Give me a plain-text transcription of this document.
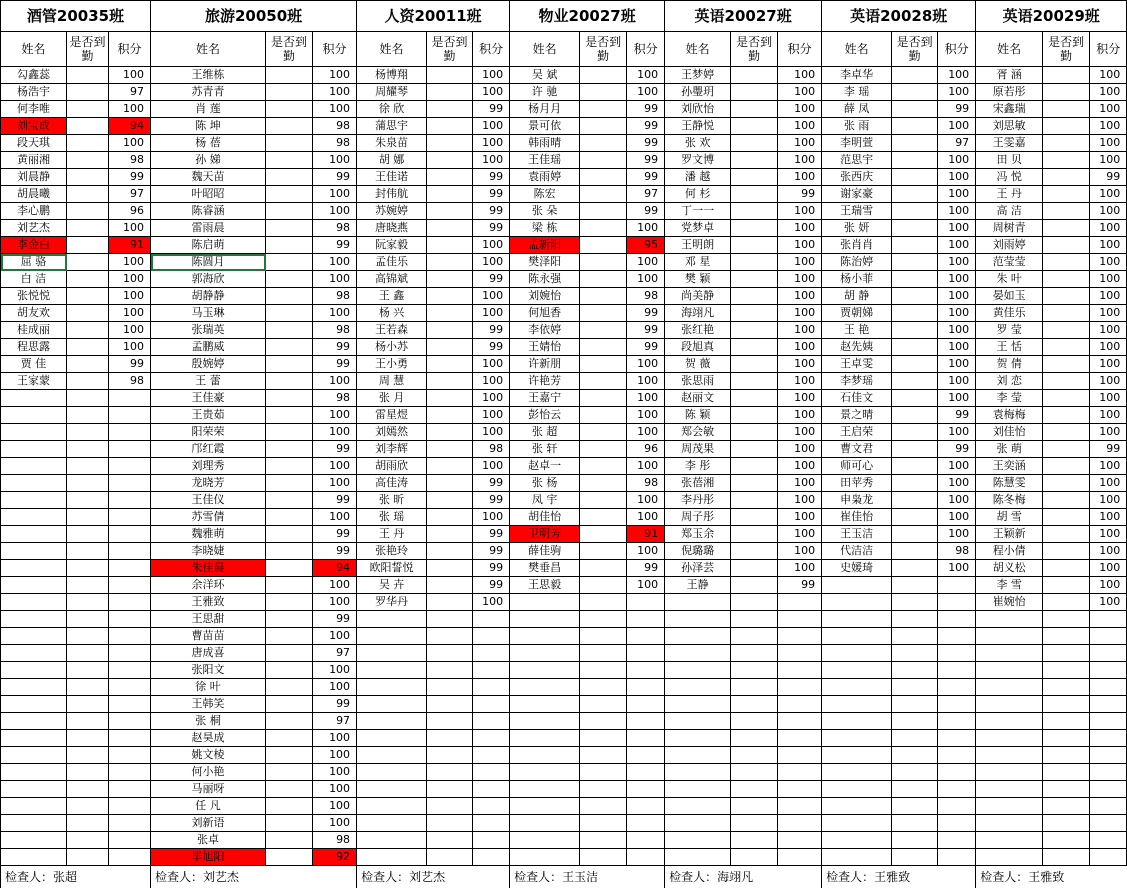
酒管20035班			旅游20050班			人资20011班			物业20027班			英语20027班			英语20028班			英语20029班		
姓名	是否到勤	积分	姓名	是否到勤	积分	姓名	是否到勤	积分	姓名	是否到勤	积分	姓名	是否到勤	积分	姓名	是否到勤	积分	姓名	是否到勤	积分
勾鑫蕊		100	王维栋		100	杨博翔		100	吴 斌		100	王梦婷		100	李卓华		100	胥 涵		100
杨浩宇		97	苏青青		100	周耀琴		100	许 驰		100	孙璺玥		100	李 瑶		100	原若彤		100
何李唯		100	肖 莲		100	徐 欣		99	杨月月		99	刘欣怡		100	薛 凤		99	宋鑫瑞		100
刘宝成		94	陈 坤		98	蒲思宇		100	景可依		99	王静悦		100	张 雨		100	刘思敏		100
段天琪		100	杨 蓓		98	朱泉苗		100	韩雨晴		99	张 欢		100	李明萱		97	王雯嘉		100
黄丽湘		98	孙 娣		100	胡 娜		100	王佳瑶		99	罗文博		100	范思宇		100	田 贝		100
刘晨静		99	魏天苗		99	王佳诺		99	袁雨婷		99	潘 越		100	张西庆		100	冯 悦		99
胡晨曦		97	叶昭昭		100	封伟航		99	陈宏		97	何 杉		99	谢家豪		100	王 丹		100
李心鹏		96	陈睿涵		100	苏婉婷		99	张 朵		99	丁一一		100	王瑞雪		100	高 洁		100
刘艺杰		100	雷雨晨		98	唐晓燕		99	梁 栋		100	党梦卓		100	张 妍		100	周树青		100
李金白		91	陈启萌		99	阮家毅		100	孟新阳		95	王明朗		100	张肖肖		100	刘雨婷		100
屈 骆		100	陈圆月		100	孟佳乐		100	樊泽阳		100	邓 星		100	陈治婷		100	范莹莹		100
白 洁		100	郭海欣		100	高锦斌		99	陈永强		100	樊 颖		100	杨小菲		100	朱 叶		100
张悦悦		100	胡静静		98	王 鑫		100	刘婉怡		98	尚美静		100	胡 静		100	晏如玉		100
胡友欢		100	马玉琳		100	杨 兴		100	何旭香		99	海翊凡		100	贾朝娣		100	黄佳乐		100
桂成丽		100	张瑞英		98	王若森		99	李依婷		99	张红艳		100	王 艳		100	罗 莹		100
程思露		100	孟鹏威		99	杨小苏		99	王婧怡		99	段旭真		100	赵先姨		100	王 恬		100
贾 佳		99	殷婉婷		99	王小勇		100	许新朋		100	贺 薇		100	王卓雯		100	贺 倩		100
王家蒙		98	王 蕾		100	周 慧		100	许艳芳		100	张思雨		100	李梦瑶		100	刘 恋		100
			王佳豪		98	张 月		100	王嘉宁		100	赵丽文		100	石佳文		100	李 莹		100
			王贵茹		100	雷星煜		100	彭怡云		100	陈 颖		100	景之晴		99	袁梅梅		100
			阳荣荣		100	刘嫣然		100	张 超		100	郑会敏		100	王启荣		100	刘佳怡		100
			邝红霞		99	刘李辉		98	张 轩		96	周茂果		100	曹文君		99	张 萌		99
			刘理秀		100	胡雨欣		100	赵卓一		100	李 彤		100	师可心		100	王奕涵		100
			龙晓芳		100	高佳涛		99	张 杨		98	张蓓湘		100	田苹秀		100	陈慧雯		100
			王佳仪		99	张 昕		99	凤 宇		100	李丹彤		100	申枭龙		100	陈冬梅		100
			苏雪倩		100	张 瑶		100	胡佳怡		100	周子彤		100	崔佳怡		100	胡 雪		100
			魏雅萌		99	王 丹		99	卫明芳		91	郑玉余		100	王玉洁		100	王颖新		100
			李晓婕		99	张艳玲		99	薛佳驹		100	倪璐璐		100	代洁洁		98	程小倩		100
			朱佳晨		94	欧阳誓悦		99	樊垂昌		99	孙泽芸		100	史媛琦		100	胡义松		100
			余洋环		100	吴 卉		99	王思毅		100	王静		99				李 雪		100
			王雅致		100	罗华丹		100										崔婉怡		100
			王思甜		99															
			曹苗苗		100															
			唐成喜		97															
			张阳文		100															
			徐 叶		100															
			王韩笑		99															
			张 桐		97															
			赵昊成		100															
			姚文棱		100															
			何小艳		100															
			马丽呀		100															
			任 凡		100															
			刘新语		100															
			张卓		98															
			毕旭阳		92															
检查人：张超			检查人：刘艺杰			检查人：刘艺杰			检查人：王玉洁			检查人：海翊凡			检查人：王雅致			检查人：王雅致		
